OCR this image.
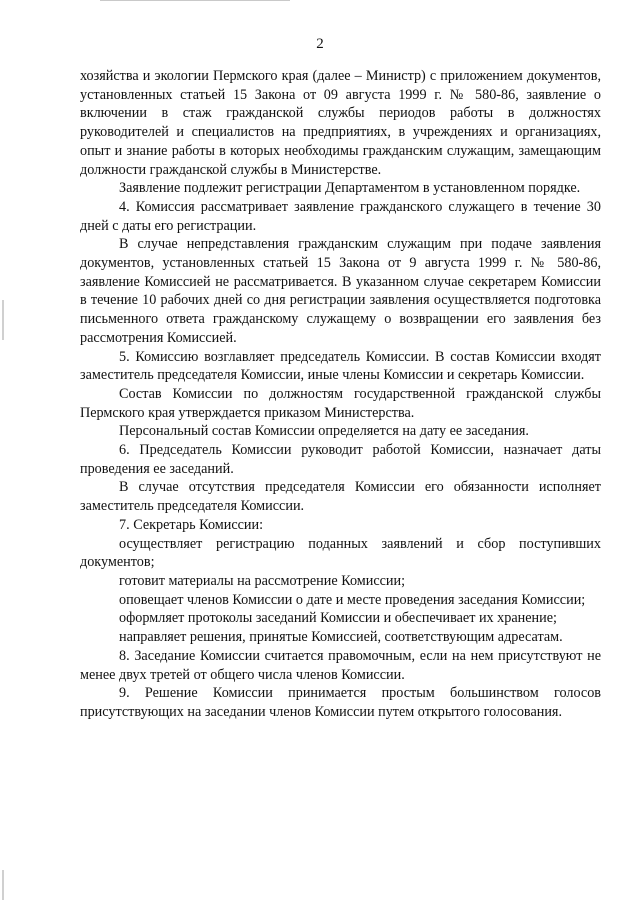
2

хозяйства и экологии Пермского края (далее – Министр) с приложением документов, установленных статьей 15 Закона от 09 августа 1999 г. № 580-86, заявление о включении в стаж гражданской службы периодов работы в должностях руководителей и специалистов на предприятиях, в учреждениях и организациях, опыт и знание работы в которых необходимы гражданским служащим, замещающим должности гражданской службы в Министерстве.

Заявление подлежит регистрации Департаментом в установленном порядке.

4. Комиссия рассматривает заявление гражданского служащего в течение 30 дней с даты его регистрации.

В случае непредставления гражданским служащим при подаче заявления документов, установленных статьей 15 Закона от 9 августа 1999 г. № 580-86, заявление Комиссией не рассматривается. В указанном случае секретарем Комиссии в течение 10 рабочих дней со дня регистрации заявления осуществляется подготовка письменного ответа гражданскому служащему о возвращении его заявления без рассмотрения Комиссией.

5. Комиссию возглавляет председатель Комиссии. В состав Комиссии входят заместитель председателя Комиссии, иные члены Комиссии и секретарь Комиссии.

Состав Комиссии по должностям государственной гражданской службы Пермского края утверждается приказом Министерства.

Персональный состав Комиссии определяется на дату ее заседания.

6. Председатель Комиссии руководит работой Комиссии, назначает даты проведения ее заседаний.

В случае отсутствия председателя Комиссии его обязанности исполняет заместитель председателя Комиссии.

7. Секретарь Комиссии:

осуществляет регистрацию поданных заявлений и сбор поступивших документов;

готовит материалы на рассмотрение Комиссии;

оповещает членов Комиссии о дате и месте проведения заседания Комиссии;

оформляет протоколы заседаний Комиссии и обеспечивает их хранение;

направляет решения, принятые Комиссией, соответствующим адресатам.

8. Заседание Комиссии считается правомочным, если на нем присутствуют не менее двух третей от общего числа членов Комиссии.

9. Решение Комиссии принимается простым большинством голосов присутствующих на заседании членов Комиссии путем открытого голосования.
